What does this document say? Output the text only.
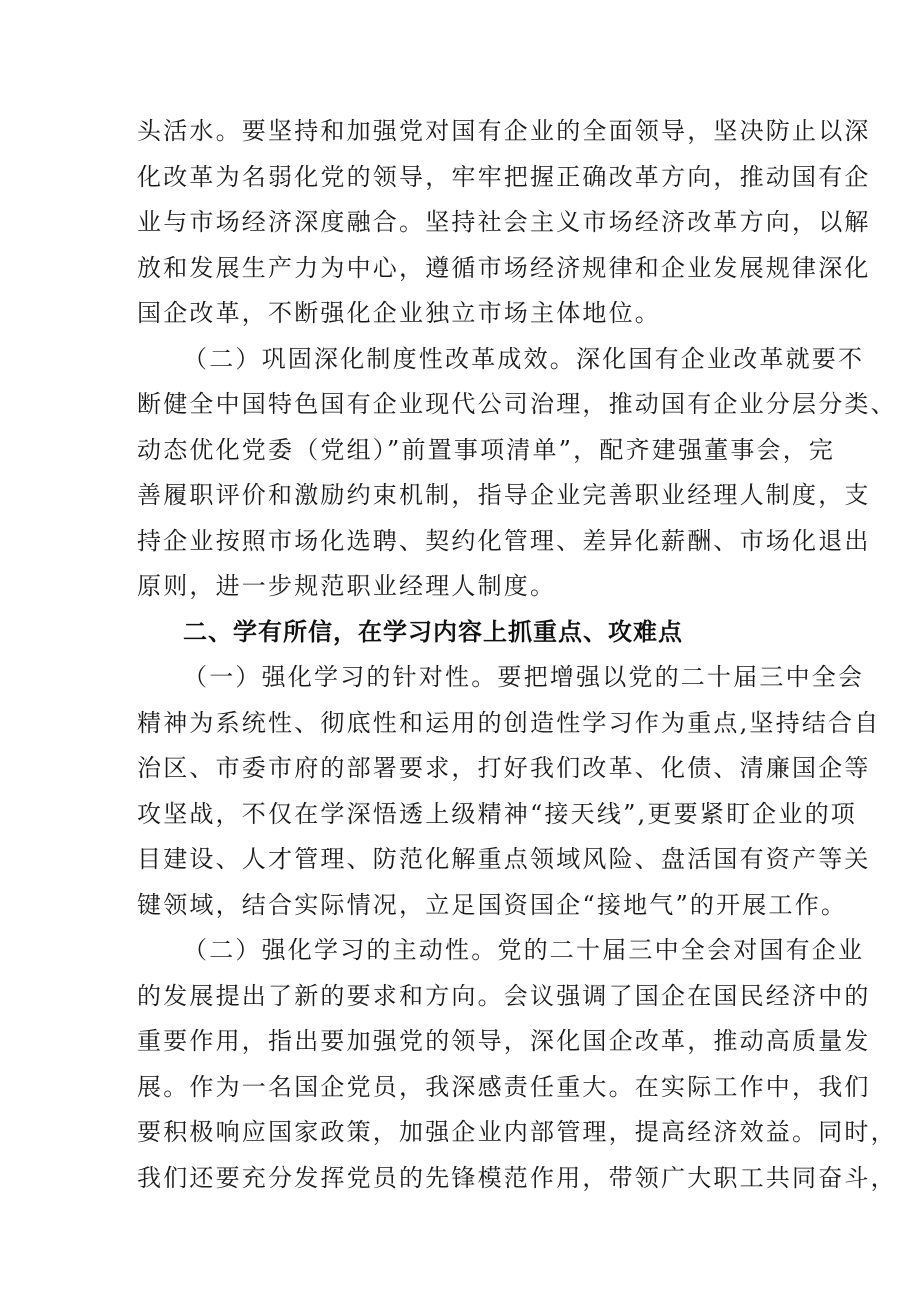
头活水。要坚持和加强党对国有企业的全面领导，坚决防止以深
化改革为名弱化党的领导，牢牢把握正确改革方向，推动国有企
业与市场经济深度融合。坚持社会主义市场经济改革方向，以解
放和发展生产力为中心，遵循市场经济规律和企业发展规律深化
国企改革，不断强化企业独立市场主体地位。
（二）巩固深化制度性改革成效。深化国有企业改革就要不
断健全中国特色国有企业现代公司治理，推动国有企业分层分类、
动态优化党委（党组）”前置事项清单”，配齐建强董事会，完
善履职评价和激励约束机制，指导企业完善职业经理人制度，支
持企业按照市场化选聘、契约化管理、差异化薪酬、市场化退出
原则，进一步规范职业经理人制度。
二、学有所信，在学习内容上抓重点、攻难点
（一）强化学习的针对性。要把增强以党的二十届三中全会
精神为系统性、彻底性和运用的创造性学习作为重点,坚持结合自
治区、市委市府的部署要求，打好我们改革、化债、清廉国企等
攻坚战，不仅在学深悟透上级精神“接天线”,更要紧盯企业的项
目建设、人才管理、防范化解重点领域风险、盘活国有资产等关
键领域，结合实际情况，立足国资国企“接地气”的开展工作。
（二）强化学习的主动性。党的二十届三中全会对国有企业
的发展提出了新的要求和方向。会议强调了国企在国民经济中的
重要作用，指出要加强党的领导，深化国企改革，推动高质量发
展。作为一名国企党员，我深感责任重大。在实际工作中，我们
要积极响应国家政策，加强企业内部管理，提高经济效益。同时，
我们还要充分发挥党员的先锋模范作用，带领广大职工共同奋斗，
